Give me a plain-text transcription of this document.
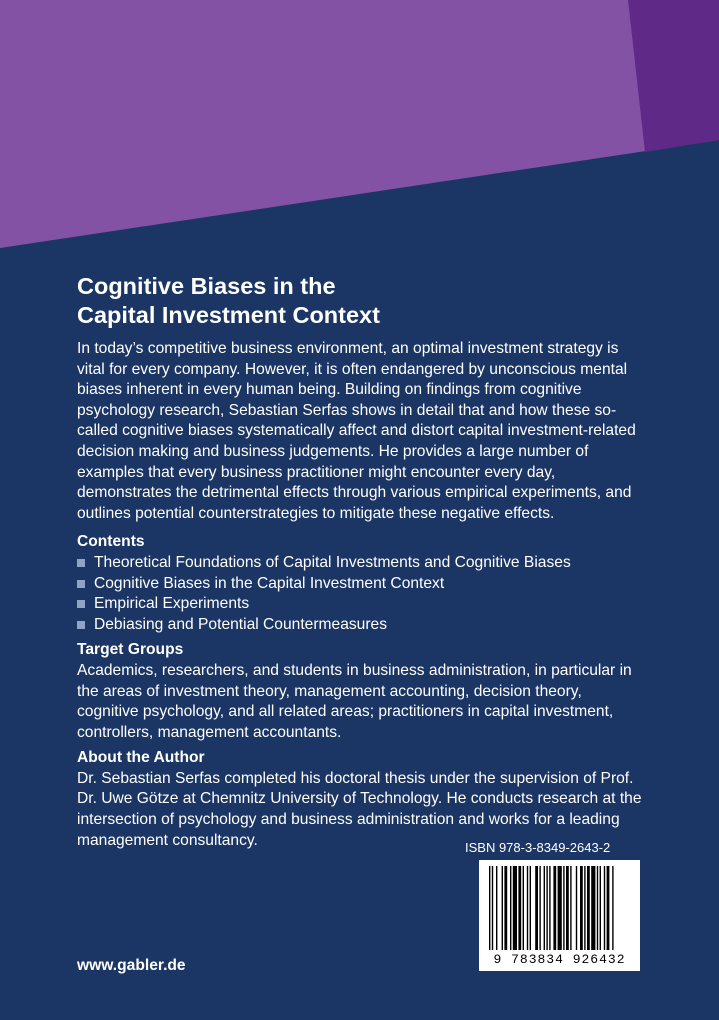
Cognitive Biases in the
Capital Investment Context

In today’s competitive business environment, an optimal investment strategy is vital for every company. However, it is often endangered by unconscious mental biases inherent in every human being. Building on findings from cognitive psychology research, Sebastian Serfas shows in detail that and how these so-called cognitive biases systematically affect and distort capital investment-related decision making and business judgements. He provides a large number of examples that every business practitioner might encounter every day, demonstrates the detrimental effects through various empirical experiments, and outlines potential counterstrategies to mitigate these negative effects.

Contents

Theoretical Foundations of Capital Investments and Cognitive Biases
Cognitive Biases in the Capital Investment Context
Empirical Experiments
Debiasing and Potential Countermeasures

Target Groups

Academics, researchers, and students in business administration, in particular in the areas of investment theory, management accounting, decision theory, cognitive psychology, and all related areas; practitioners in capital investment, controllers, management accountants.

About the Author

Dr. Sebastian Serfas completed his doctoral thesis under the supervision of Prof. Dr. Uwe Götze at Chemnitz University of Technology. He conducts research at the intersection of psychology and business administration and works for a leading management consultancy.	ISBN 978-3-8349-2643-2
9 783834 926432
www.gabler.de
